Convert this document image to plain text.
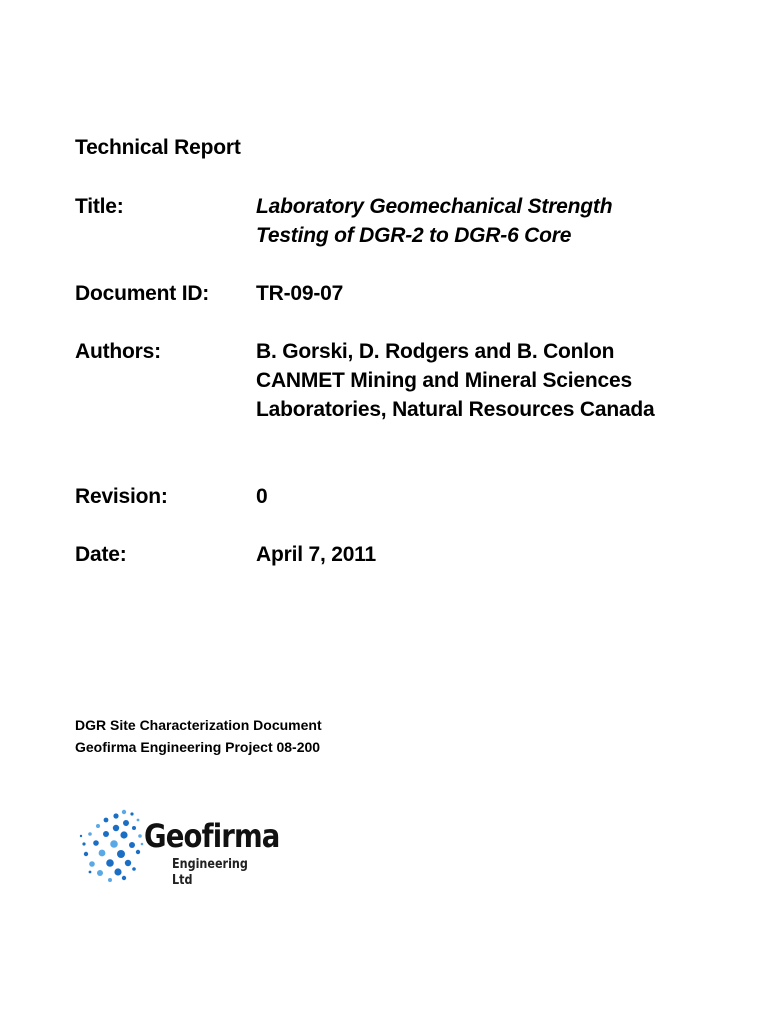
Technical Report
Title:	Laboratory Geomechanical Strength
Testing of DGR-2 to DGR-6 Core
Document ID: TR-09-07
Authors:	B. Gorski, D. Rodgers and B. Conlon
CANMET Mining and Mineral Sciences
Laboratories, Natural Resources Canada
Revision:	0
Date:	April 7, 2011
DGR Site Characterization Document
Geofirma Engineering Project 08-200
Geofirma
Engineering Ltd
